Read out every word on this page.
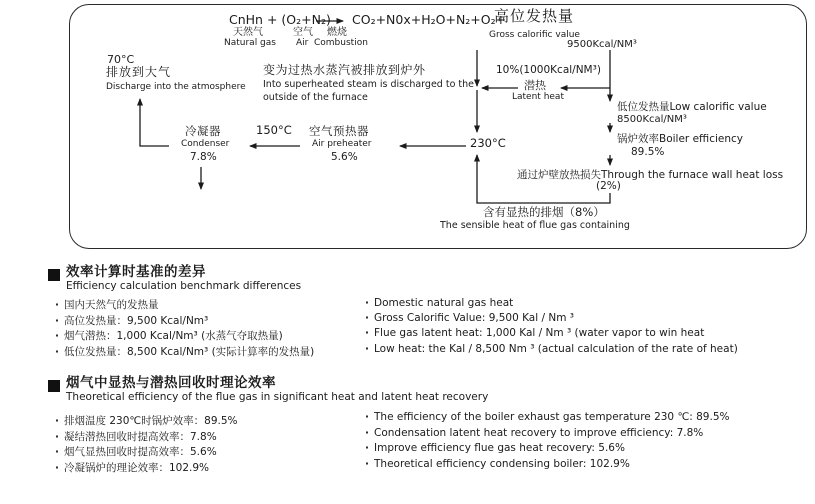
CnHn + (O₂+N₂) CO₂+N0x+H₂O+N₂+O₂+
高位发热量
天然气	空气 燃烧
Natural gas Air Combustion
Gross calorific value
9500Kcal/NM³
70°C
排放到大气
Discharge into the atmosphere
变为过热水蒸汽被排放到炉外
Into superheated steam is discharged to the
outside of the furnace
10%(1000Kcal/NM³)
潜热
Latent heat
低位发热量Low calorific value
8500Kcal/NM³
锅炉效率Boiler efficiency
89.5%
通过炉壁放热损失Through the furnace wall heat loss
(2%)
含有显热的排烟（8%）
The sensible heat of flue gas containing
230°C
150°C
冷凝器
Condenser
7.8%
空气预热器
Air preheater
5.6%
效率计算时基准的差异
Efficiency calculation benchmark differences
· 国内天然气的发热量
· 高位发热量：9,500 Kcal/Nm³
· 烟气潜热：1,000 Kcal/Nm³ (水蒸气夺取热量)
· 低位发热量：8,500 Kcal/Nm³ (实际计算率的发热量)
· Domestic natural gas heat
· Gross Calorific Value: 9,500 Kal / Nm ³
· Flue gas latent heat: 1,000 Kal / Nm ³ (water vapor to win heat
· Low heat: the Kal / 8,500 Nm ³ (actual calculation of the rate of heat)
烟气中显热与潜热回收时理论效率
Theoretical efficiency of the flue gas in significant heat and latent heat recovery
· 排烟温度 230℃时锅炉效率：89.5%
· 凝结潜热回收时提高效率：7.8%
· 烟气显热回收时提高效率：5.6%
· 冷凝锅炉的理论效率：102.9%
· The efficiency of the boiler exhaust gas temperature 230 ℃: 89.5%
· Condensation latent heat recovery to improve efficiency: 7.8%
· Improve efficiency flue gas heat recovery: 5.6%
· Theoretical efficiency condensing boiler: 102.9%
